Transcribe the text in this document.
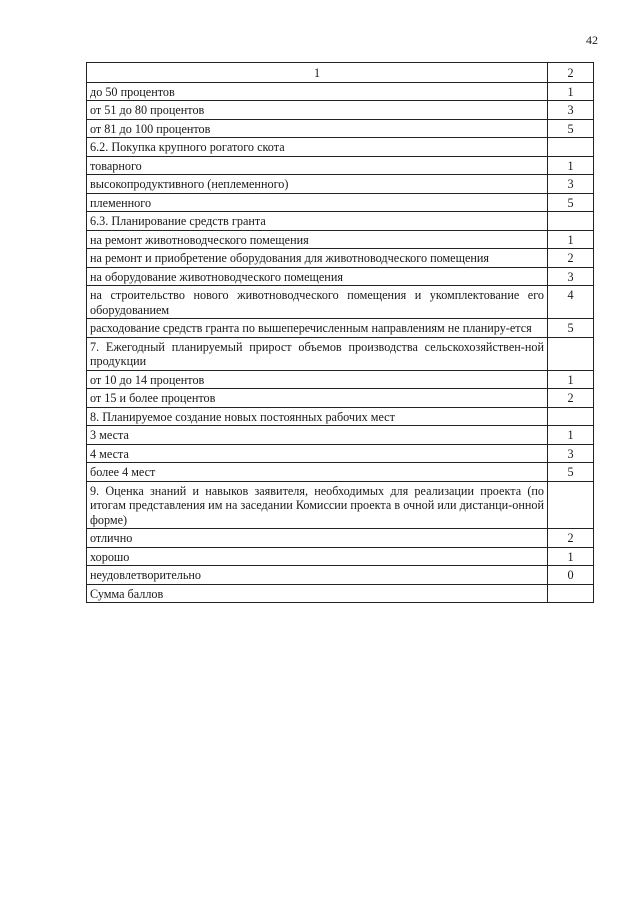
42
1	2
до 50 процентов	1
от 51 до 80 процентов	3
от 81 до 100 процентов	5
6.2. Покупка крупного рогатого скота	
товарного	1
высокопродуктивного (неплеменного)	3
племенного	5
6.3. Планирование средств гранта	
на ремонт животноводческого помещения	1
на ремонт и приобретение оборудования для животноводческого помещения	2
на оборудование животноводческого помещения	3
на строительство нового животноводческого помещения и укомплектование его оборудованием	4
расходование средств гранта по вышеперечисленным направлениям не планиру-ется	5
7. Ежегодный планируемый прирост объемов производства сельскохозяйствен-ной продукции	
от 10 до 14 процентов	1
от 15 и более процентов	2
8. Планируемое создание новых постоянных рабочих мест	
3 места	1
4 места	3
более 4 мест	5
9. Оценка знаний и навыков заявителя, необходимых для реализации проекта (по итогам представления им на заседании Комиссии проекта в очной или дистанци-онной форме)	
отлично	2
хорошо	1
неудовлетворительно	0
Сумма баллов	
